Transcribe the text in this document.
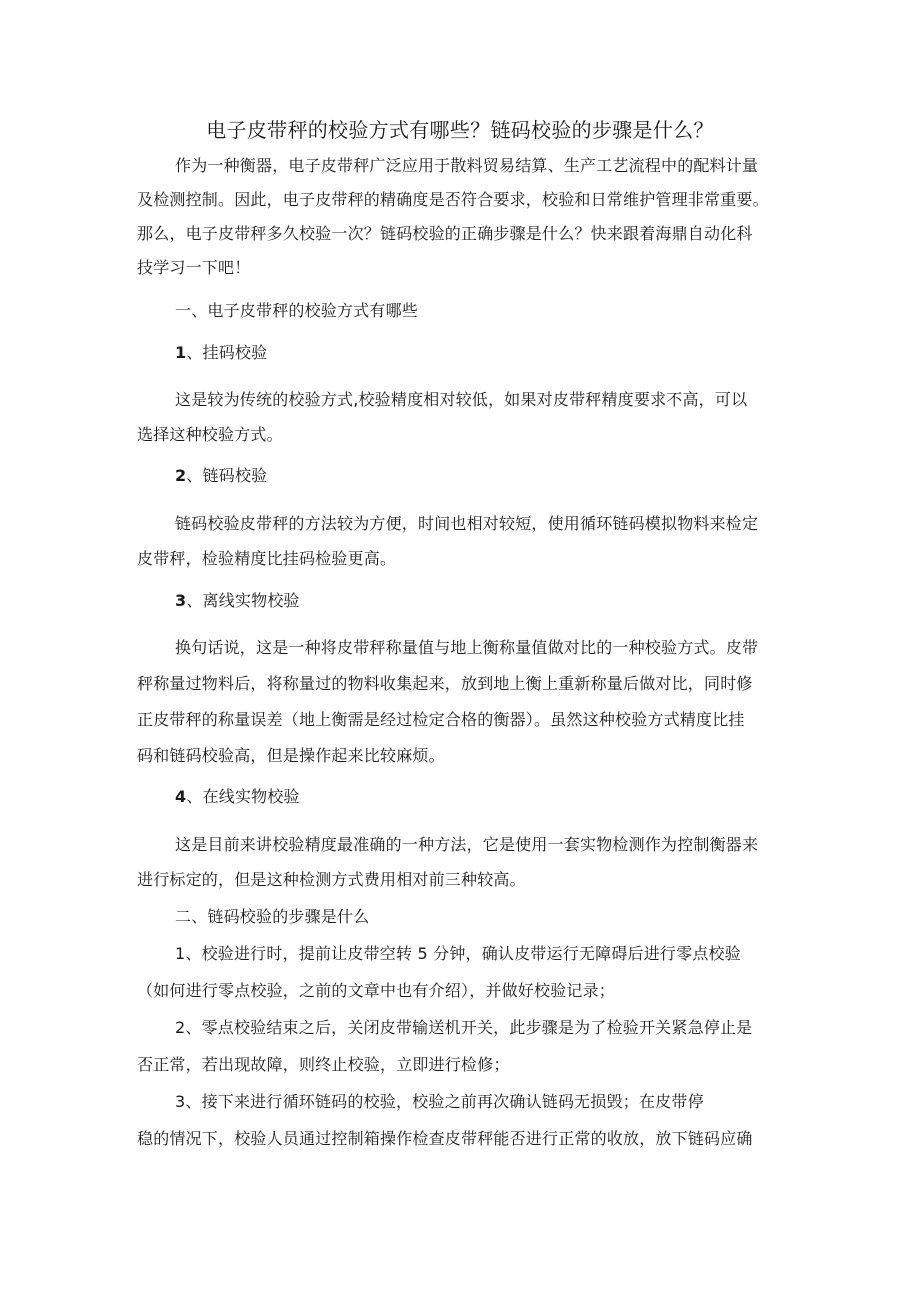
电子皮带秤的校验方式有哪些？链码校验的步骤是什么？
作为一种衡器，电子皮带秤广泛应用于散料贸易结算、生产工艺流程中的配料计量
及检测控制。因此，电子皮带秤的精确度是否符合要求，校验和日常维护管理非常重要。
那么，电子皮带秤多久校验一次？链码校验的正确步骤是什么？快来跟着海鼎自动化科
技学习一下吧！
一、电子皮带秤的校验方式有哪些
1、挂码校验
这是较为传统的校验方式,校验精度相对较低，如果对皮带秤精度要求不高，可以
选择这种校验方式。
2、链码校验
链码校验皮带秤的方法较为方便，时间也相对较短，使用循环链码模拟物料来检定
皮带秤，检验精度比挂码检验更高。
3、离线实物校验
换句话说，这是一种将皮带秤称量值与地上衡称量值做对比的一种校验方式。皮带
秤称量过物料后，将称量过的物料收集起来，放到地上衡上重新称量后做对比，同时修
正皮带秤的称量误差（地上衡需是经过检定合格的衡器）。虽然这种校验方式精度比挂
码和链码校验高，但是操作起来比较麻烦。
4、在线实物校验
这是目前来讲校验精度最准确的一种方法，它是使用一套实物检测作为控制衡器来
进行标定的，但是这种检测方式费用相对前三种较高。
二、链码校验的步骤是什么
1、校验进行时，提前让皮带空转 5 分钟，确认皮带运行无障碍后进行零点校验
（如何进行零点校验，之前的文章中也有介绍），并做好校验记录；
2、零点校验结束之后，关闭皮带输送机开关，此步骤是为了检验开关紧急停止是
否正常，若出现故障，则终止校验，立即进行检修；
3、接下来进行循环链码的校验，校验之前再次确认链码无损毁；在皮带停
稳的情况下，校验人员通过控制箱操作检查皮带秤能否进行正常的收放，放下链码应确
